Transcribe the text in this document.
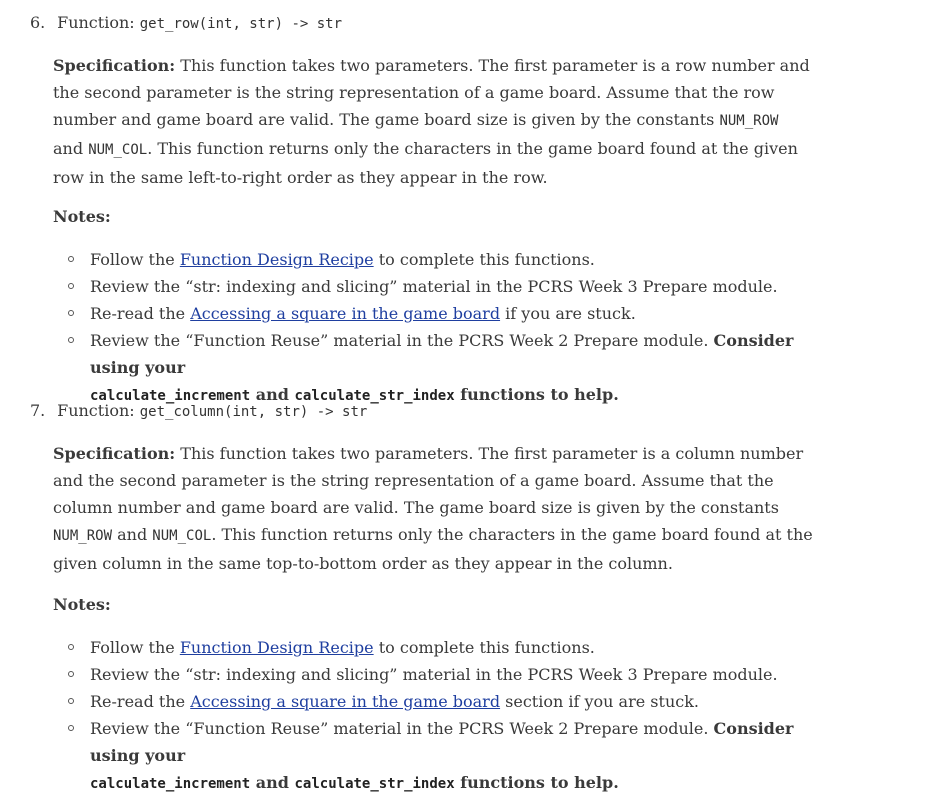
6. Function: get_row(int, str) -> str

Specification: This function takes two parameters. The first parameter is a row number and the second parameter is the string representation of a game board. Assume that the row number and game board are valid. The game board size is given by the constants NUM_ROW and NUM_COL. This function returns only the characters in the game board found at the given row in the same left-to-right order as they appear in the row.

Notes:
Follow the Function Design Recipe to complete this functions.
Review the “str: indexing and slicing” material in the PCRS Week 3 Prepare module.
Re-read the Accessing a square in the game board if you are stuck.
Review the “Function Reuse” material in the PCRS Week 2 Prepare module. Consider using your
calculate_increment and calculate_str_index functions to help.
7. Function: get_column(int, str) -> str

Specification: This function takes two parameters. The first parameter is a column number and the second parameter is the string representation of a game board. Assume that the column number and game board are valid. The game board size is given by the constants NUM_ROW and NUM_COL. This function returns only the characters in the game board found at the given column in the same top-to-bottom order as they appear in the column.

Notes:
Follow the Function Design Recipe to complete this functions.
Review the “str: indexing and slicing” material in the PCRS Week 3 Prepare module.
Re-read the Accessing a square in the game board section if you are stuck.
Review the “Function Reuse” material in the PCRS Week 2 Prepare module. Consider using your
calculate_increment and calculate_str_index functions to help.
